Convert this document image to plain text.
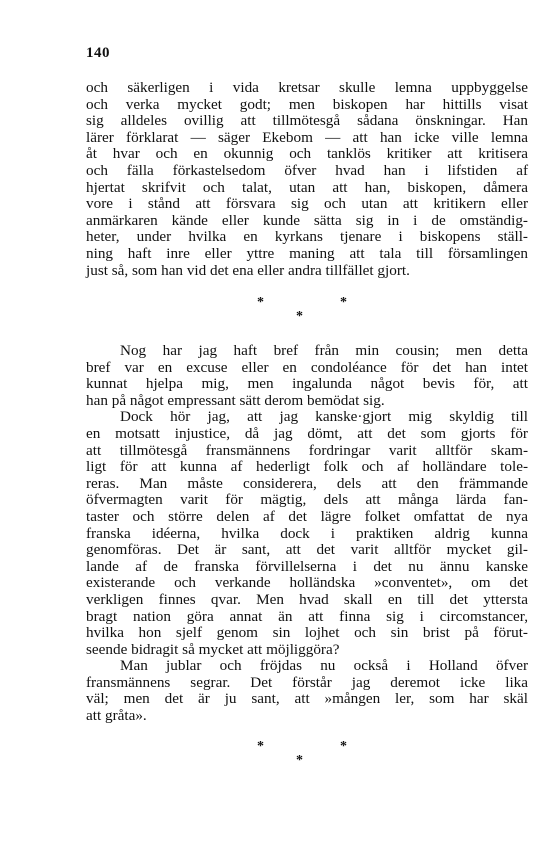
140
och säkerligen i vida kretsar skulle lemna uppbyggelse
och verka mycket godt; men biskopen har hittills visat
sig alldeles ovillig att tillmötesgå sådana önskningar. Han
lärer förklarat — säger Ekebom — att han icke ville lemna
åt hvar och en okunnig och tanklös kritiker att kritisera
och fälla förkastelsedom öfver hvad han i lifstiden af
hjertat skrifvit och talat, utan att han, biskopen, dåmera
vore i stånd att försvara sig och utan att kritikern eller
anmärkaren kände eller kunde sätta sig in i de omständig-
heter, under hvilka en kyrkans tjenare i biskopens ställ-
ning haft inre eller yttre maning att tala till församlingen
just så, som han vid det ena eller andra tillfället gjort.
*	*
*
Nog har jag haft bref från min cousin; men detta
bref var en excuse eller en condoléance för det han intet
kunnat hjelpa mig, men ingalunda något bevis för, att
han på något empressant sätt derom bemödat sig.
Dock hör jag, att jag kanske·gjort mig skyldig till
en motsatt injustice, då jag dömt, att det som gjorts för
att tillmötesgå fransmännens fordringar varit alltför skam-
ligt för att kunna af hederligt folk och af holländare tole-
reras. Man måste considerera, dels att den främmande
öfvermagten varit för mägtig, dels att många lärda fan-
taster och större delen af det lägre folket omfattat de nya
franska idéerna, hvilka dock i praktiken aldrig kunna
genomföras. Det är sant, att det varit alltför mycket gil-
lande af de franska förvillelserna i det nu ännu kanske
existerande och verkande holländska »conventet», om det
verkligen finnes qvar. Men hvad skall en till det yttersta
bragt nation göra annat än att finna sig i circomstancer,
hvilka hon sjelf genom sin lojhet och sin brist på förut-
seende bidragit så mycket att möjliggöra?
Man jublar och fröjdas nu också i Holland öfver
fransmännens segrar. Det förstår jag deremot icke lika
väl; men det är ju sant, att »mången ler, som har skäl
att gråta».
*	*
*
